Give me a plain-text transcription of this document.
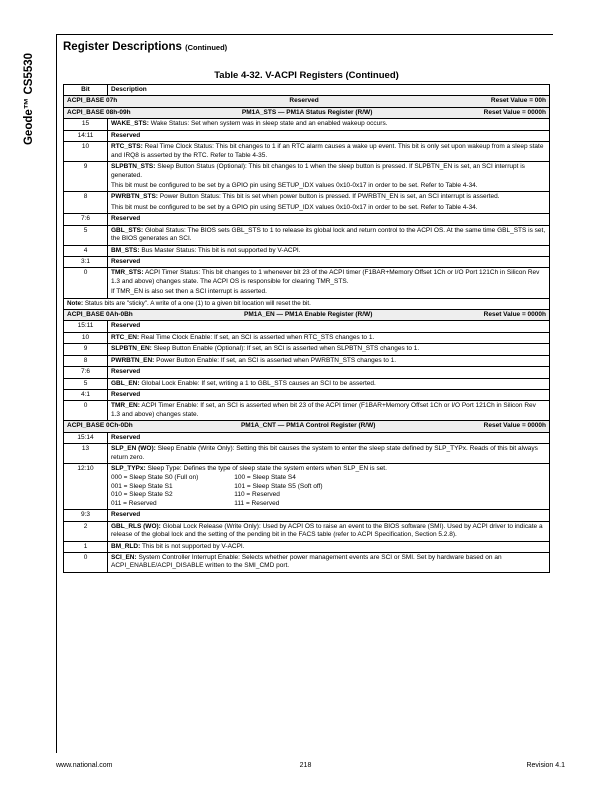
Geode™ CS5530
Register Descriptions (Continued)
Table 4-32. V-ACPI Registers (Continued)
Bit	Description

ACPI_BASE 07h	Reserved	Reset Value = 00h

ACPI_BASE 08h-09h	PM1A_STS — PM1A Status Register (R/W)	Reset Value = 0000h

15	WAKE_STS: Wake Status: Set when system was in sleep state and an enabled wakeup occurs.
14:11	Reserved
10	RTC_STS: Real Time Clock Status: This bit changes to 1 if an RTC alarm causes a wake up event. This bit is only set upon wakeup from a sleep state and IRQ8 is asserted by the RTC. Refer to Table 4-35.
9	SLPBTN_STS: Sleep Button Status (Optional): This bit changes to 1 when the sleep button is pressed. If SLPBTN_EN is set, an SCI interrupt is generated.

This bit must be configured to be set by a GPIO pin using SETUP_IDX values 0x10-0x17 in order to be set. Refer to Table 4-34.

8	PWRBTN_STS: Power Button Status: This bit is set when power button is pressed. If PWRBTN_EN is set, an SCI interrupt is asserted.

This bit must be configured to be set by a GPIO pin using SETUP_IDX values 0x10-0x17 in order to be set. Refer to Table 4-34.

7:6	Reserved
5	GBL_STS: Global Status: The BIOS sets GBL_STS to 1 to release its global lock and return control to the ACPI OS. At the same time GBL_STS is set, the BIOS generates an SCI.
4	BM_STS: Bus Master Status: This bit is not supported by V-ACPI.
3:1	Reserved
0	TMR_STS: ACPI Timer Status: This bit changes to 1 whenever bit 23 of the ACPI timer (F1BAR+Memory Offset 1Ch or I/O Port 121Ch in Silicon Rev 1.3 and above) changes state. The ACPI OS is responsible for clearing TMR_STS.

If TMR_EN is also set then a SCI interrupt is asserted.

Note: Status bits are "sticky". A write of a one (1) to a given bit location will reset the bit.

ACPI_BASE 0Ah-0Bh	PM1A_EN — PM1A Enable Register (R/W)	Reset Value = 0000h

15:11	Reserved
10	RTC_EN: Real Time Clock Enable: If set, an SCI is asserted when RTC_STS changes to 1.
9	SLPBTN_EN: Sleep Button Enable (Optional): If set, an SCI is asserted when SLPBTN_STS changes to 1.
8	PWRBTN_EN: Power Button Enable: If set, an SCI is asserted when PWRBTN_STS changes to 1.
7:6	Reserved
5	GBL_EN: Global Lock Enable: If set, writing a 1 to GBL_STS causes an SCI to be asserted.
4:1	Reserved
0	TMR_EN: ACPI Timer Enable: If set, an SCI is asserted when bit 23 of the ACPI timer (F1BAR+Memory Offset 1Ch or I/O Port 121Ch in Silicon Rev 1.3 and above) changes state.

ACPI_BASE 0Ch-0Dh	PM1A_CNT — PM1A Control Register (R/W)	Reset Value = 0000h

15:14	Reserved
13	SLP_EN (WO): Sleep Enable (Write Only): Setting this bit causes the system to enter the sleep state defined by SLP_TYPx. Reads of this bit always return zero.
12:10	SLP_TYPx: Sleep Type: Defines the type of sleep state the system enters when SLP_EN is set.
000 = Sleep State S0 (Full on)	100 = Sleep State S4
001 = Sleep State S1	101 = Sleep State S5 (Soft off)
010 = Sleep State S2	110 = Reserved
011 = Reserved	111 = Reserved

9:3	Reserved
2	GBL_RLS (WO): Global Lock Release (Write Only): Used by ACPI OS to raise an event to the BIOS software (SMI). Used by ACPI driver to indicate a release of the global lock and the setting of the pending bit in the FACS table (refer to ACPI Specification, Section 5.2.8).
1	BM_RLD: This bit is not supported by V-ACPI.
0	SCI_EN: System Controller Interrupt Enable: Selects whether power management events are SCI or SMI. Set by hardware based on an ACPI_ENABLE/ACPI_DISABLE written to the SMI_CMD port.
www.national.com	218	Revision 4.1
